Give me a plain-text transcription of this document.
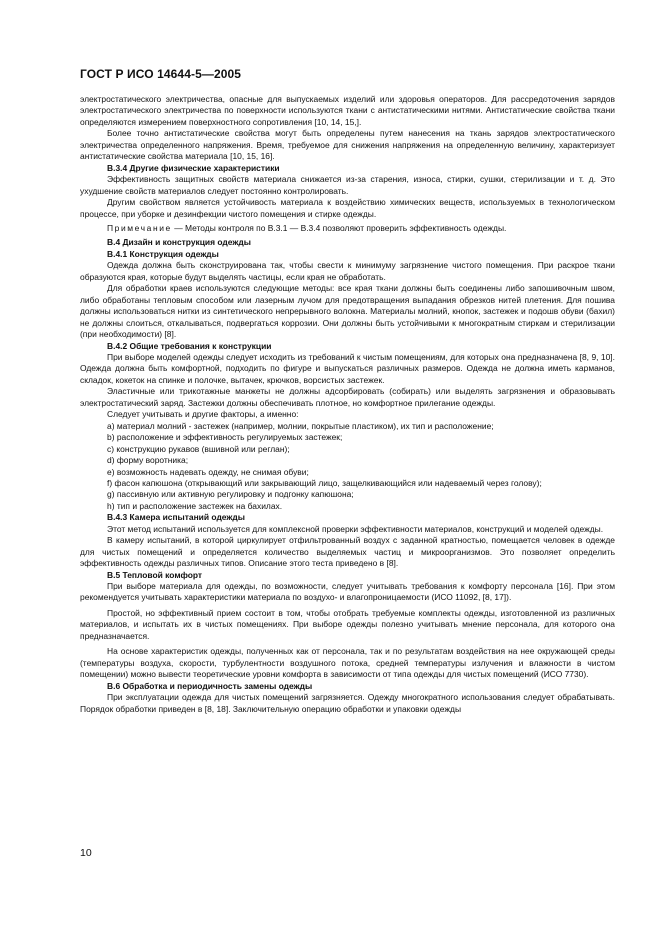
ГОСТ Р ИСО 14644-5—2005

электростатического электричества, опасные для выпускаемых изделий или здоровья операторов. Для рассредоточения зарядов электростатического электричества по поверхности используются ткани с антистатическими нитями. Антистатические свойства ткани определяются измерением поверхностного сопротивления [10, 14, 15,].

Более точно антистатические свойства могут быть определены путем нанесения на ткань зарядов электростатического электричества определенного напряжения. Время, требуемое для снижения напряжения на определенную величину, характеризует антистатические свойства материала [10, 15, 16].

В.3.4 Другие физические характеристики

Эффективность защитных свойств материала снижается из-за старения, износа, стирки, сушки, стерилизации и т. д. Это ухудшение свойств материалов следует постоянно контролировать.

Другим свойством является устойчивость материала к воздействию химических веществ, используемых в технологическом процессе, при уборке и дезинфекции чистого помещения и стирке одежды.

Примечание — Методы контроля по В.3.1 — В.3.4 позволяют проверить эффективность одежды.

В.4 Дизайн и конструкция одежды

В.4.1 Конструкция одежды

Одежда должна быть сконструирована так, чтобы свести к минимуму загрязнение чистого помещения. При раскрое ткани образуются края, которые будут выделять частицы, если края не обработать.

Для обработки краев используются следующие методы: все края ткани должны быть соединены либо запошивочным швом, либо обработаны тепловым способом или лазерным лучом для предотвращения выпадания обрезков нитей плетения. Для пошива должны использоваться нитки из синтетического непрерывного волокна. Материалы молний, кнопок, застежек и подошв обуви (бахил) не должны слоиться, откалываться, подвергаться коррозии. Они должны быть устойчивыми к многократным стиркам и стерилизации (при необходимости) [8].

В.4.2 Общие требования к конструкции

При выборе моделей одежды следует исходить из требований к чистым помещениям, для которых она предназначена [8, 9, 10]. Одежда должна быть комфортной, подходить по фигуре и выпускаться различных размеров. Одежда не должна иметь карманов, складок, кокеток на спинке и полочке, вытачек, крючков, ворсистых застежек.

Эластичные или трикотажные манжеты не должны адсорбировать (собирать) или выделять загрязнения и образовывать электростатический заряд. Застежки должны обеспечивать плотное, но комфортное прилегание одежды.

Следует учитывать и другие факторы, а именно:

a) материал молний - застежек (например, молнии, покрытые пластиком), их тип и расположение;

b) расположение и эффективность регулируемых застежек;

c) конструкцию рукавов (вшивной или реглан);

d) форму воротника;

e) возможность надевать одежду, не снимая обуви;

f) фасон капюшона (открывающий или закрывающий лицо, защелкивающийся или надеваемый через голову);

g) пассивную или активную регулировку и подгонку капюшона;

h) тип и расположение застежек на бахилах.

В.4.3 Камера испытаний одежды

Этот метод испытаний используется для комплексной проверки эффективности материалов, конструкций и моделей одежды.

В камеру испытаний, в которой циркулирует отфильтрованный воздух с заданной кратностью, помещается человек в одежде для чистых помещений и определяется количество выделяемых частиц и микроорганизмов. Это позволяет определить эффективность одежды различных типов. Описание этого теста приведено в [8].

В.5 Тепловой комфорт

При выборе материала для одежды, по возможности, следует учитывать требования к комфорту персонала [16]. При этом рекомендуется учитывать характеристики материала по воздухо- и влагопроницаемости (ИСО 11092, [8, 17]).

Простой, но эффективный прием состоит в том, чтобы отобрать требуемые комплекты одежды, изготовленной из различных материалов, и испытать их в чистых помещениях. При выборе одежды полезно учитывать мнение персонала, для которого она предназначается.

На основе характеристик одежды, полученных как от персонала, так и по результатам воздействия на нее окружающей среды (температуры воздуха, скорости, турбулентности воздушного потока, средней температуры излучения и влажности в чистом помещении) можно вывести теоретические уровни комфорта в зависимости от типа одежды для чистых помещений (ИСО 7730).

В.6 Обработка и периодичность замены одежды

При эксплуатации одежда для чистых помещений загрязняется. Одежду многократного использования следует обрабатывать. Порядок обработки приведен в [8, 18]. Заключительную операцию обработки и упаковки одежды

10
